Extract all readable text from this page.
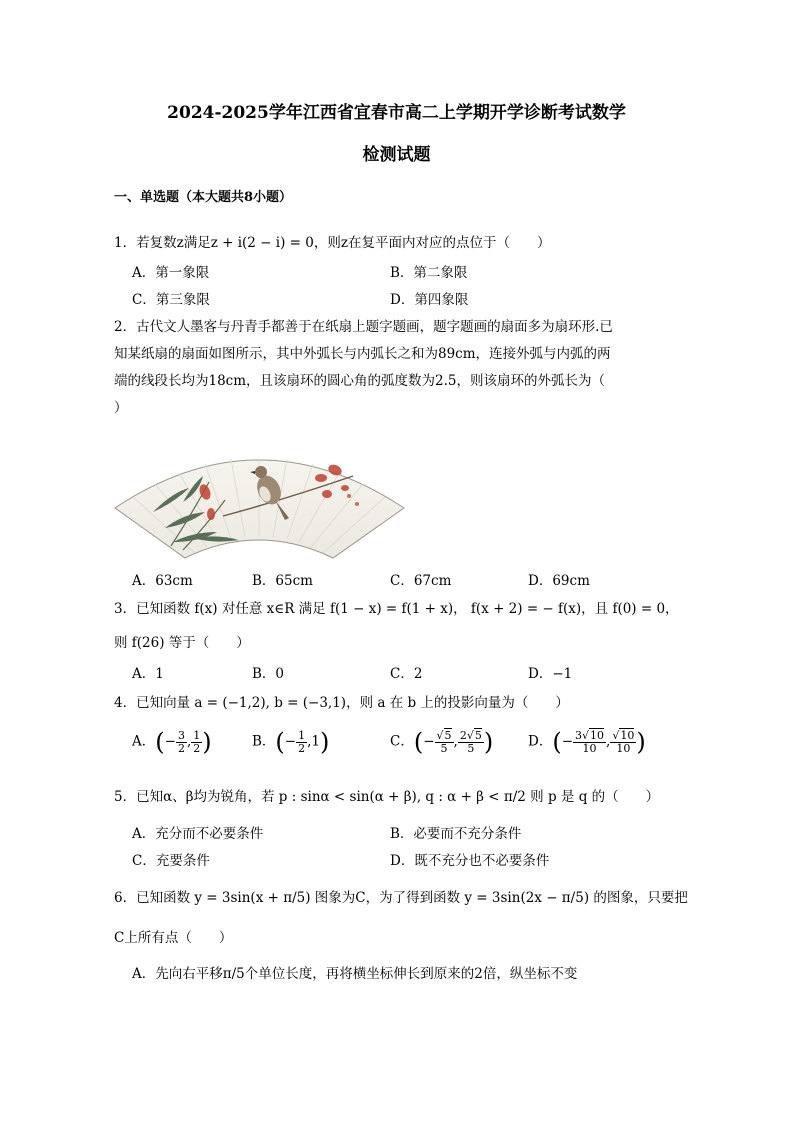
2024-2025学年江西省宜春市高二上学期开学诊断考试数学
检测试题
一、单选题（本大题共8小题）
1．若复数z满足z + i(2 − i) = 0，则z在复平面内对应的点位于（　　）
A．第一象限	B．第二象限
C．第三象限	D．第四象限
2．古代文人墨客与丹青手都善于在纸扇上题字题画，题字题画的扇面多为扇环形.已
知某纸扇的扇面如图所示，其中外弧长与内弧长之和为89cm，连接外弧与内弧的两
端的线段长均为18cm，且该扇环的圆心角的弧度数为2.5，则该扇环的外弧长为（
）
A．63cm	B．65cm	C．67cm	D．69cm
3．已知函数 f(x) 对任意 x∈R 满足 f(1 − x) = f(1 + x)， f(x + 2) = − f(x)，且 f(0) = 0，
则 f(26) 等于（　　）
A．1	B．0	C．2	D．−1
4．已知向量 a = (−1,2), b = (−3,1)，则 a 在 b 上的投影向量为（　　）
A．(− $\frac{3}{2}$ , $\frac{1}{2}$ )	B．(− $\frac{1}{2} ,1$)	C．(− $\frac{√5}{5}$ , $\frac{2√5}{5}$ )	D．(− $\frac{3√10}{10}$ , $\frac{√10}{10}$ )
5．已知α、β均为锐角，若 p : sinα < sin(α + β), q : α + β < π/2 则 p 是 q 的（　　）
A．充分而不必要条件	B．必要而不充分条件
C．充要条件	D．既不充分也不必要条件
6．已知函数 y = 3sin(x + π/5) 图象为C，为了得到函数 y = 3sin(2x − π/5) 的图象，只要把
C上所有点（　　）
A．先向右平移π/5个单位长度，再将横坐标伸长到原来的2倍，纵坐标不变
